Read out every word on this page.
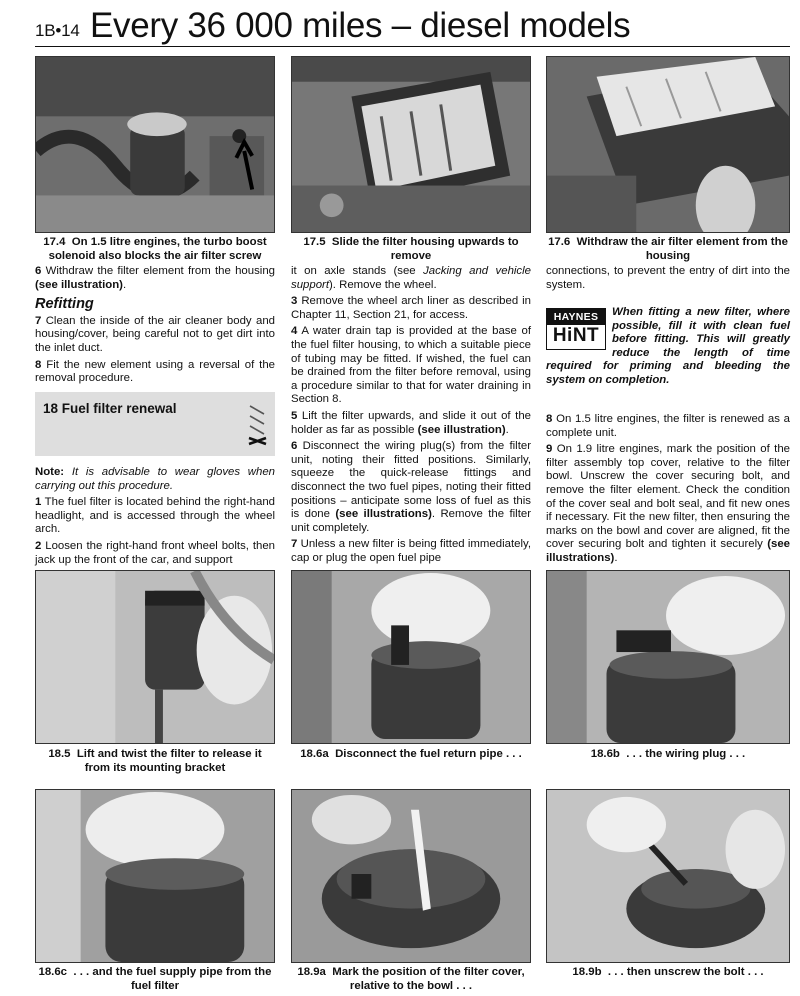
1B•14 Every 36 000 miles – diesel models
17.4 On 1.5 litre engines, the turbo boost solenoid also blocks the air filter screw
17.5 Slide the filter housing upwards to remove
17.6 Withdraw the air filter element from the housing

6 Withdraw the filter element from the housing (see illustration).

Refitting

7 Clean the inside of the air cleaner body and housing/cover, being careful not to get dirt into the inlet duct.

8 Fit the new element using a reversal of the removal procedure.

18 Fuel filter renewal

Note: It is advisable to wear gloves when carrying out this procedure.

1 The fuel filter is located behind the right-hand headlight, and is accessed through the wheel arch.

2 Loosen the right-hand front wheel bolts, then jack up the front of the car, and support

it on axle stands (see Jacking and vehicle support). Remove the wheel.

3 Remove the wheel arch liner as described in Chapter 11, Section 21, for access.

4 A water drain tap is provided at the base of the fuel filter housing, to which a suitable piece of tubing may be fitted. If wished, the fuel can be drained from the filter before removal, using a procedure similar to that for water draining in Section 8.

5 Lift the filter upwards, and slide it out of the holder as far as possible (see illustration).

6 Disconnect the wiring plug(s) from the filter unit, noting their fitted positions. Similarly, squeeze the quick-release fittings and disconnect the two fuel pipes, noting their fitted positions – anticipate some loss of fuel as this is done (see illustrations). Remove the filter unit completely.

7 Unless a new filter is being fitted immediately, cap or plug the open fuel pipe

connections, to prevent the entry of dirt into the system.

HAYNES
HiNT
When fitting a new filter, where possible, fill it with clean fuel before fitting. This will greatly reduce the length of time required for priming and bleeding the system on completion.

8 On 1.5 litre engines, the filter is renewed as a complete unit.

9 On 1.9 litre engines, mark the position of the filter assembly top cover, relative to the filter bowl. Unscrew the cover securing bolt, and remove the filter element. Check the condition of the cover seal and bolt seal, and fit new ones if necessary. Fit the new filter, then ensuring the marks on the bowl and cover are aligned, fit the cover securing bolt and tighten it securely (see illustrations).

18.5 Lift and twist the filter to release it from its mounting bracket
18.6a Disconnect the fuel return pipe . . .	18.6b . . . the wiring plug . . .
18.6c . . . and the fuel supply pipe from the fuel filter
18.9a Mark the position of the filter cover, relative to the bowl . . .
18.9b . . . then unscrew the bolt . . .
